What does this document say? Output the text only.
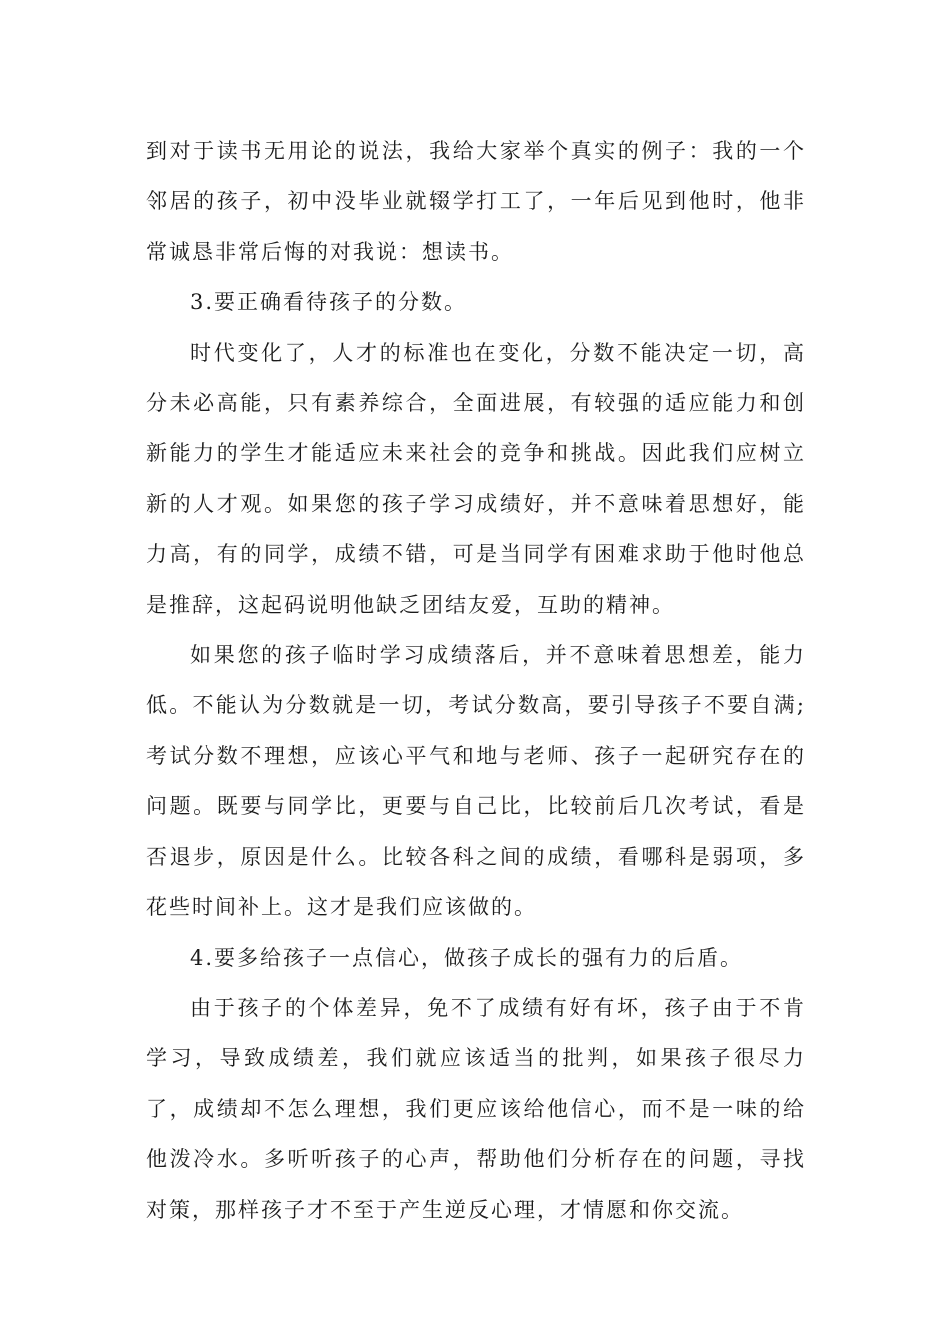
到对于读书无用论的说法，我给大家举个真实的例子：我的一个邻居的孩子，初中没毕业就辍学打工了，一年后见到他时，他非常诚恳非常后悔的对我说：想读书。

3.要正确看待孩子的分数。

时代变化了，人才的标准也在变化，分数不能决定一切，高分未必高能，只有素养综合，全面进展，有较强的适应能力和创新能力的学生才能适应未来社会的竞争和挑战。因此我们应树立新的人才观。如果您的孩子学习成绩好，并不意味着思想好，能力高，有的同学，成绩不错，可是当同学有困难求助于他时他总是推辞，这起码说明他缺乏团结友爱，互助的精神。

如果您的孩子临时学习成绩落后，并不意味着思想差，能力低。不能认为分数就是一切，考试分数高，要引导孩子不要自满;考试分数不理想，应该心平气和地与老师、孩子一起研究存在的问题。既要与同学比，更要与自己比，比较前后几次考试，看是否退步，原因是什么。比较各科之间的成绩，看哪科是弱项，多花些时间补上。这才是我们应该做的。

4.要多给孩子一点信心，做孩子成长的强有力的后盾。

由于孩子的个体差异，免不了成绩有好有坏，孩子由于不肯学习，导致成绩差，我们就应该适当的批判，如果孩子很尽力了，成绩却不怎么理想，我们更应该给他信心，而不是一味的给他泼冷水。多听听孩子的心声，帮助他们分析存在的问题，寻找对策，那样孩子才不至于产生逆反心理，才情愿和你交流。
